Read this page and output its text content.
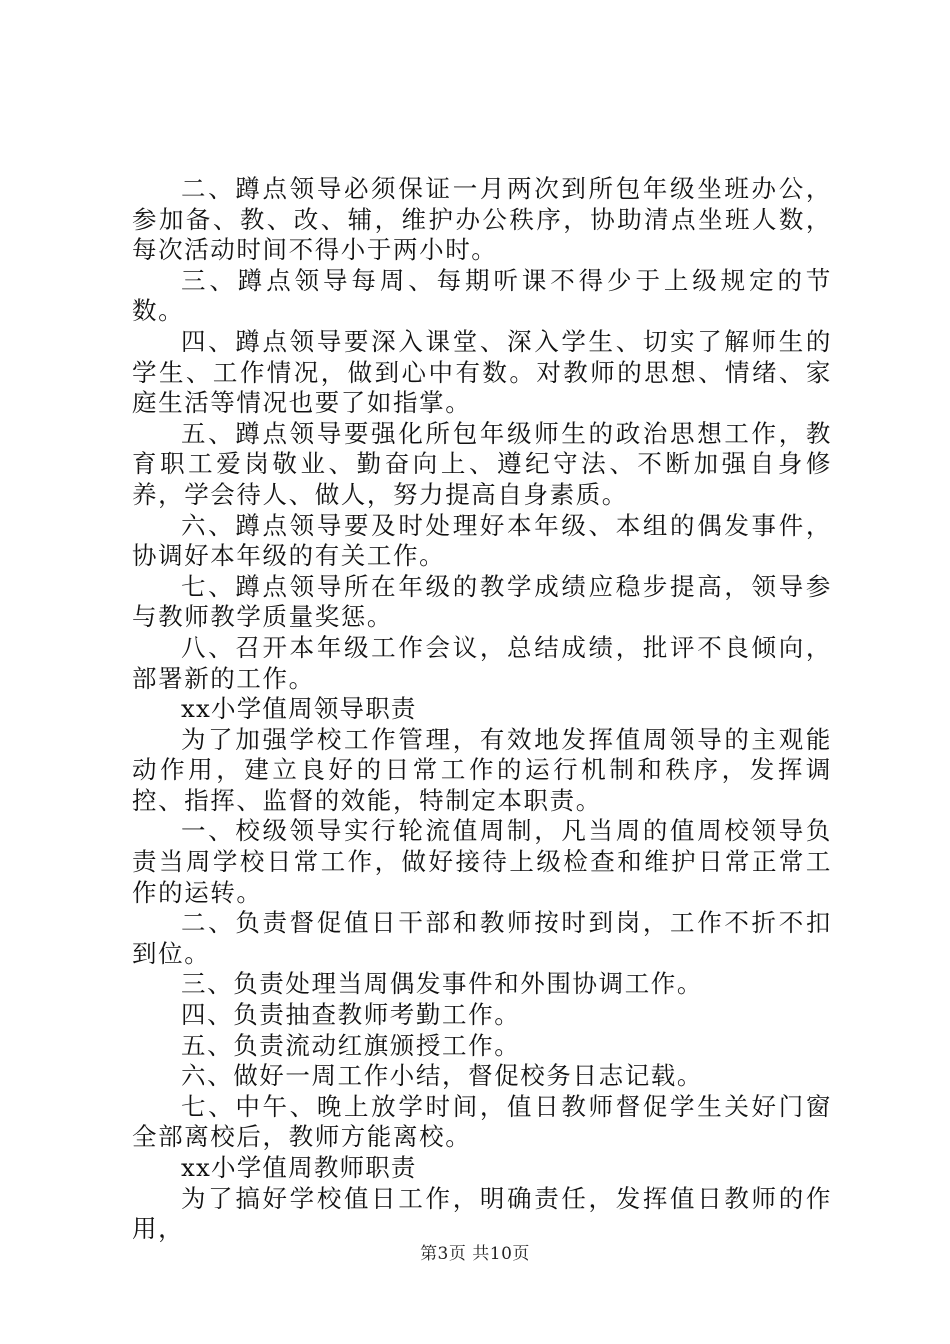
二、蹲点领导必须保证一月两次到所包年级坐班办公，参加备、教、改、辅，维护办公秩序，协助清点坐班人数，每次活动时间不得小于两小时。

三、蹲点领导每周、每期听课不得少于上级规定的节数。

四、蹲点领导要深入课堂、深入学生、切实了解师生的学生、工作情况，做到心中有数。对教师的思想、情绪、家庭生活等情况也要了如指掌。

五、蹲点领导要强化所包年级师生的政治思想工作，教育职工爱岗敬业、勤奋向上、遵纪守法、不断加强自身修养，学会待人、做人，努力提高自身素质。

六、蹲点领导要及时处理好本年级、本组的偶发事件，协调好本年级的有关工作。

七、蹲点领导所在年级的教学成绩应稳步提高，领导参与教师教学质量奖惩。

八、召开本年级工作会议，总结成绩，批评不良倾向，部署新的工作。

xx小学值周领导职责

为了加强学校工作管理，有效地发挥值周领导的主观能动作用，建立良好的日常工作的运行机制和秩序，发挥调控、指挥、监督的效能，特制定本职责。

一、校级领导实行轮流值周制，凡当周的值周校领导负责当周学校日常工作，做好接待上级检查和维护日常正常工作的运转。

二、负责督促值日干部和教师按时到岗，工作不折不扣到位。

三、负责处理当周偶发事件和外围协调工作。

四、负责抽查教师考勤工作。

五、负责流动红旗颁授工作。

六、做好一周工作小结，督促校务日志记载。

七、中午、晚上放学时间，值日教师督促学生关好门窗全部离校后，教师方能离校。

xx小学值周教师职责

为了搞好学校值日工作，明确责任，发挥值日教师的作用，

第3页 共10页
